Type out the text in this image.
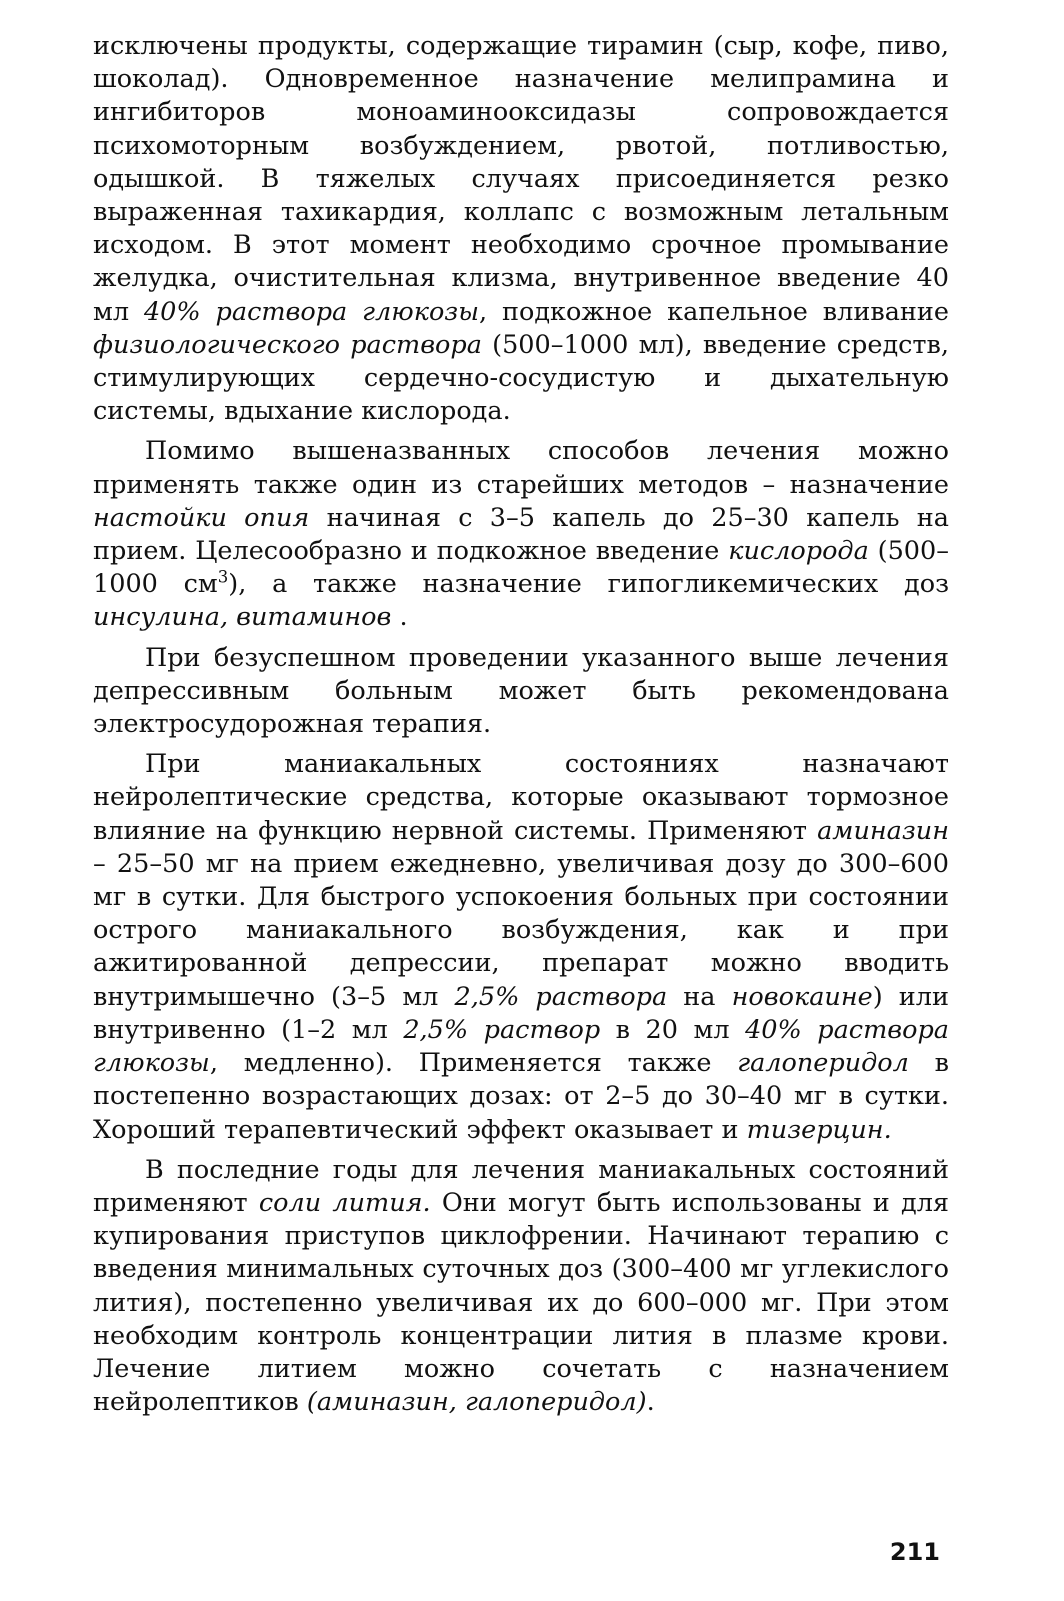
исключены продукты, содержащие тирамин (сыр, кофе, пиво, шоколад). Одновременное назначение мелипрамина и ингибиторов моноаминооксидазы сопровождается психомоторным возбуждением, рвотой, потливостью, одышкой. В тяжелых случаях присоединяется резко выраженная тахикардия, коллапс с возможным летальным исходом. В этот момент необходимо срочное промывание желудка, очистительная клизма, внутривенное введение 40 мл 40% раствора глюкозы, подкожное капельное вливание физиологического раствора (500–1000 мл), введение средств, стимулирующих сердечно-сосудистую и дыхательную системы, вдыхание кислорода.

Помимо вышеназванных способов лечения можно применять также один из старейших методов – назначение настойки опия начиная с 3–5 капель до 25–30 капель на прием. Целесообразно и подкожное введение кислорода (500–1000 $см^3$), а также назначение гипогликемических доз инсулина, витаминов .

При безуспешном проведении указанного выше лечения депрессивным больным может быть рекомендована электросудорожная терапия.

При маниакальных состояниях назначают нейролептические средства, которые оказывают тормозное влияние на функцию нервной системы. Применяют аминазин – 25–50 мг на прием ежедневно, увеличивая дозу до 300–600 мг в сутки. Для быстрого успокоения больных при состоянии острого маниакального возбуждения, как и при ажитированной депрессии, препарат можно вводить внутримышечно (3–5 мл 2,5% раствора на новокаине) или внутривенно (1–2 мл 2,5% раствор в 20 мл 40% раствора глюкозы, медленно). Применяется также галоперидол в постепенно возрастающих дозах: от 2–5 до 30–40 мг в сутки. Хороший терапевтический эффект оказывает и тизерцин.

В последние годы для лечения маниакальных состояний применяют соли лития. Они могут быть использованы и для купирования приступов циклофрении. Начинают терапию с введения минимальных суточных доз (300–400 мг углекислого лития), постепенно увеличивая их до 600–000 мг. При этом необходим контроль концентрации лития в плазме крови. Лечение литием можно сочетать с назначением нейролептиков (аминазин, галоперидол).

211
